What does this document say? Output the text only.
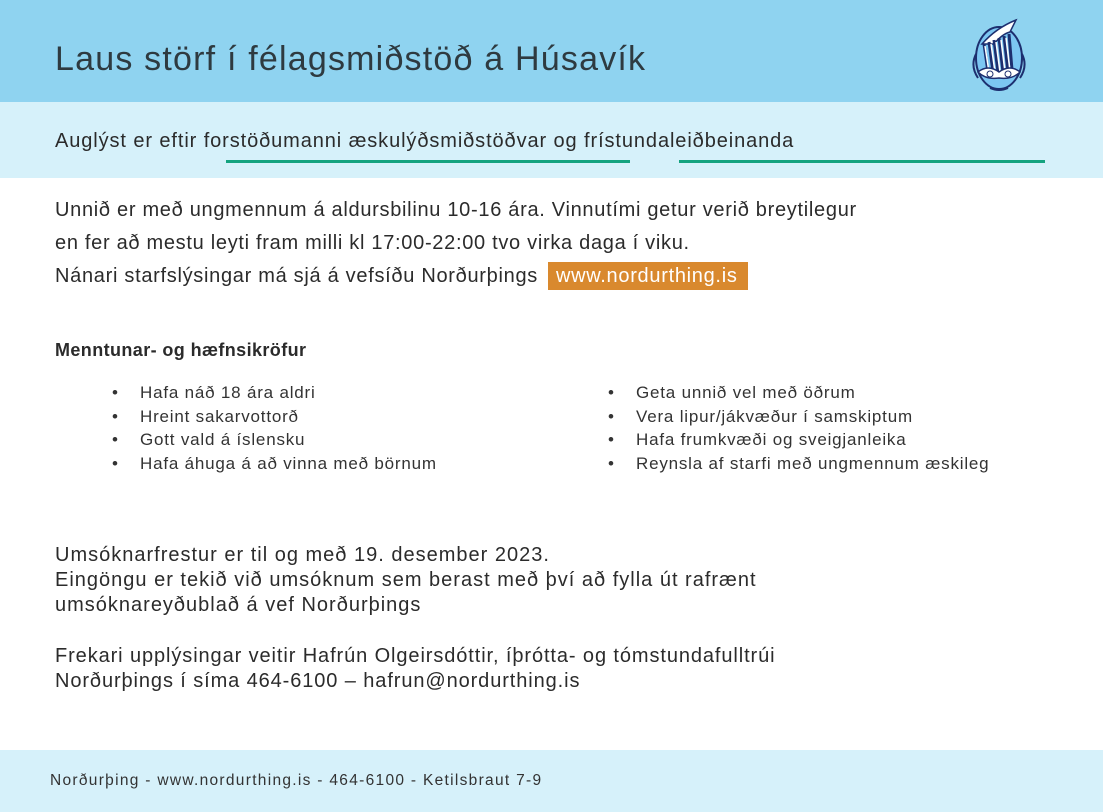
Laus störf í félagsmiðstöð á Húsavík

Auglýst er eftir forstöðumanni æskulýðsmiðstöðvar og frístundaleiðbeinanda

Unnið er með ungmennum á aldursbilinu 10-16 ára. Vinnutími getur verið breytilegur

en fer að mestu leyti fram milli kl 17:00-22:00 tvo virka daga í viku.

Nánari starfslýsingar má sjá á vefsíðu Norðurþings www.nordurthing.is

Menntunar- og hæfnsikröfur
• Hafa náð 18 ára aldri
• Hreint sakarvottorð
• Gott vald á íslensku
• Hafa áhuga á að vinna með börnum
• Geta unnið vel með öðrum
• Vera lipur/jákvæður í samskiptum
• Hafa frumkvæði og sveigjanleika
• Reynsla af starfi með ungmennum æskileg

Umsóknarfrestur er til og með 19. desember 2023.
Eingöngu er tekið við umsóknum sem berast með því að fylla út rafrænt
umsóknareyðublað á vef Norðurþings

Frekari upplýsingar veitir Hafrún Olgeirsdóttir, íþrótta- og tómstundafulltrúi
Norðurþings í síma 464-6100 – hafrun@nordurthing.is

Norðurþing - www.nordurthing.is - 464-6100 - Ketilsbraut 7-9
